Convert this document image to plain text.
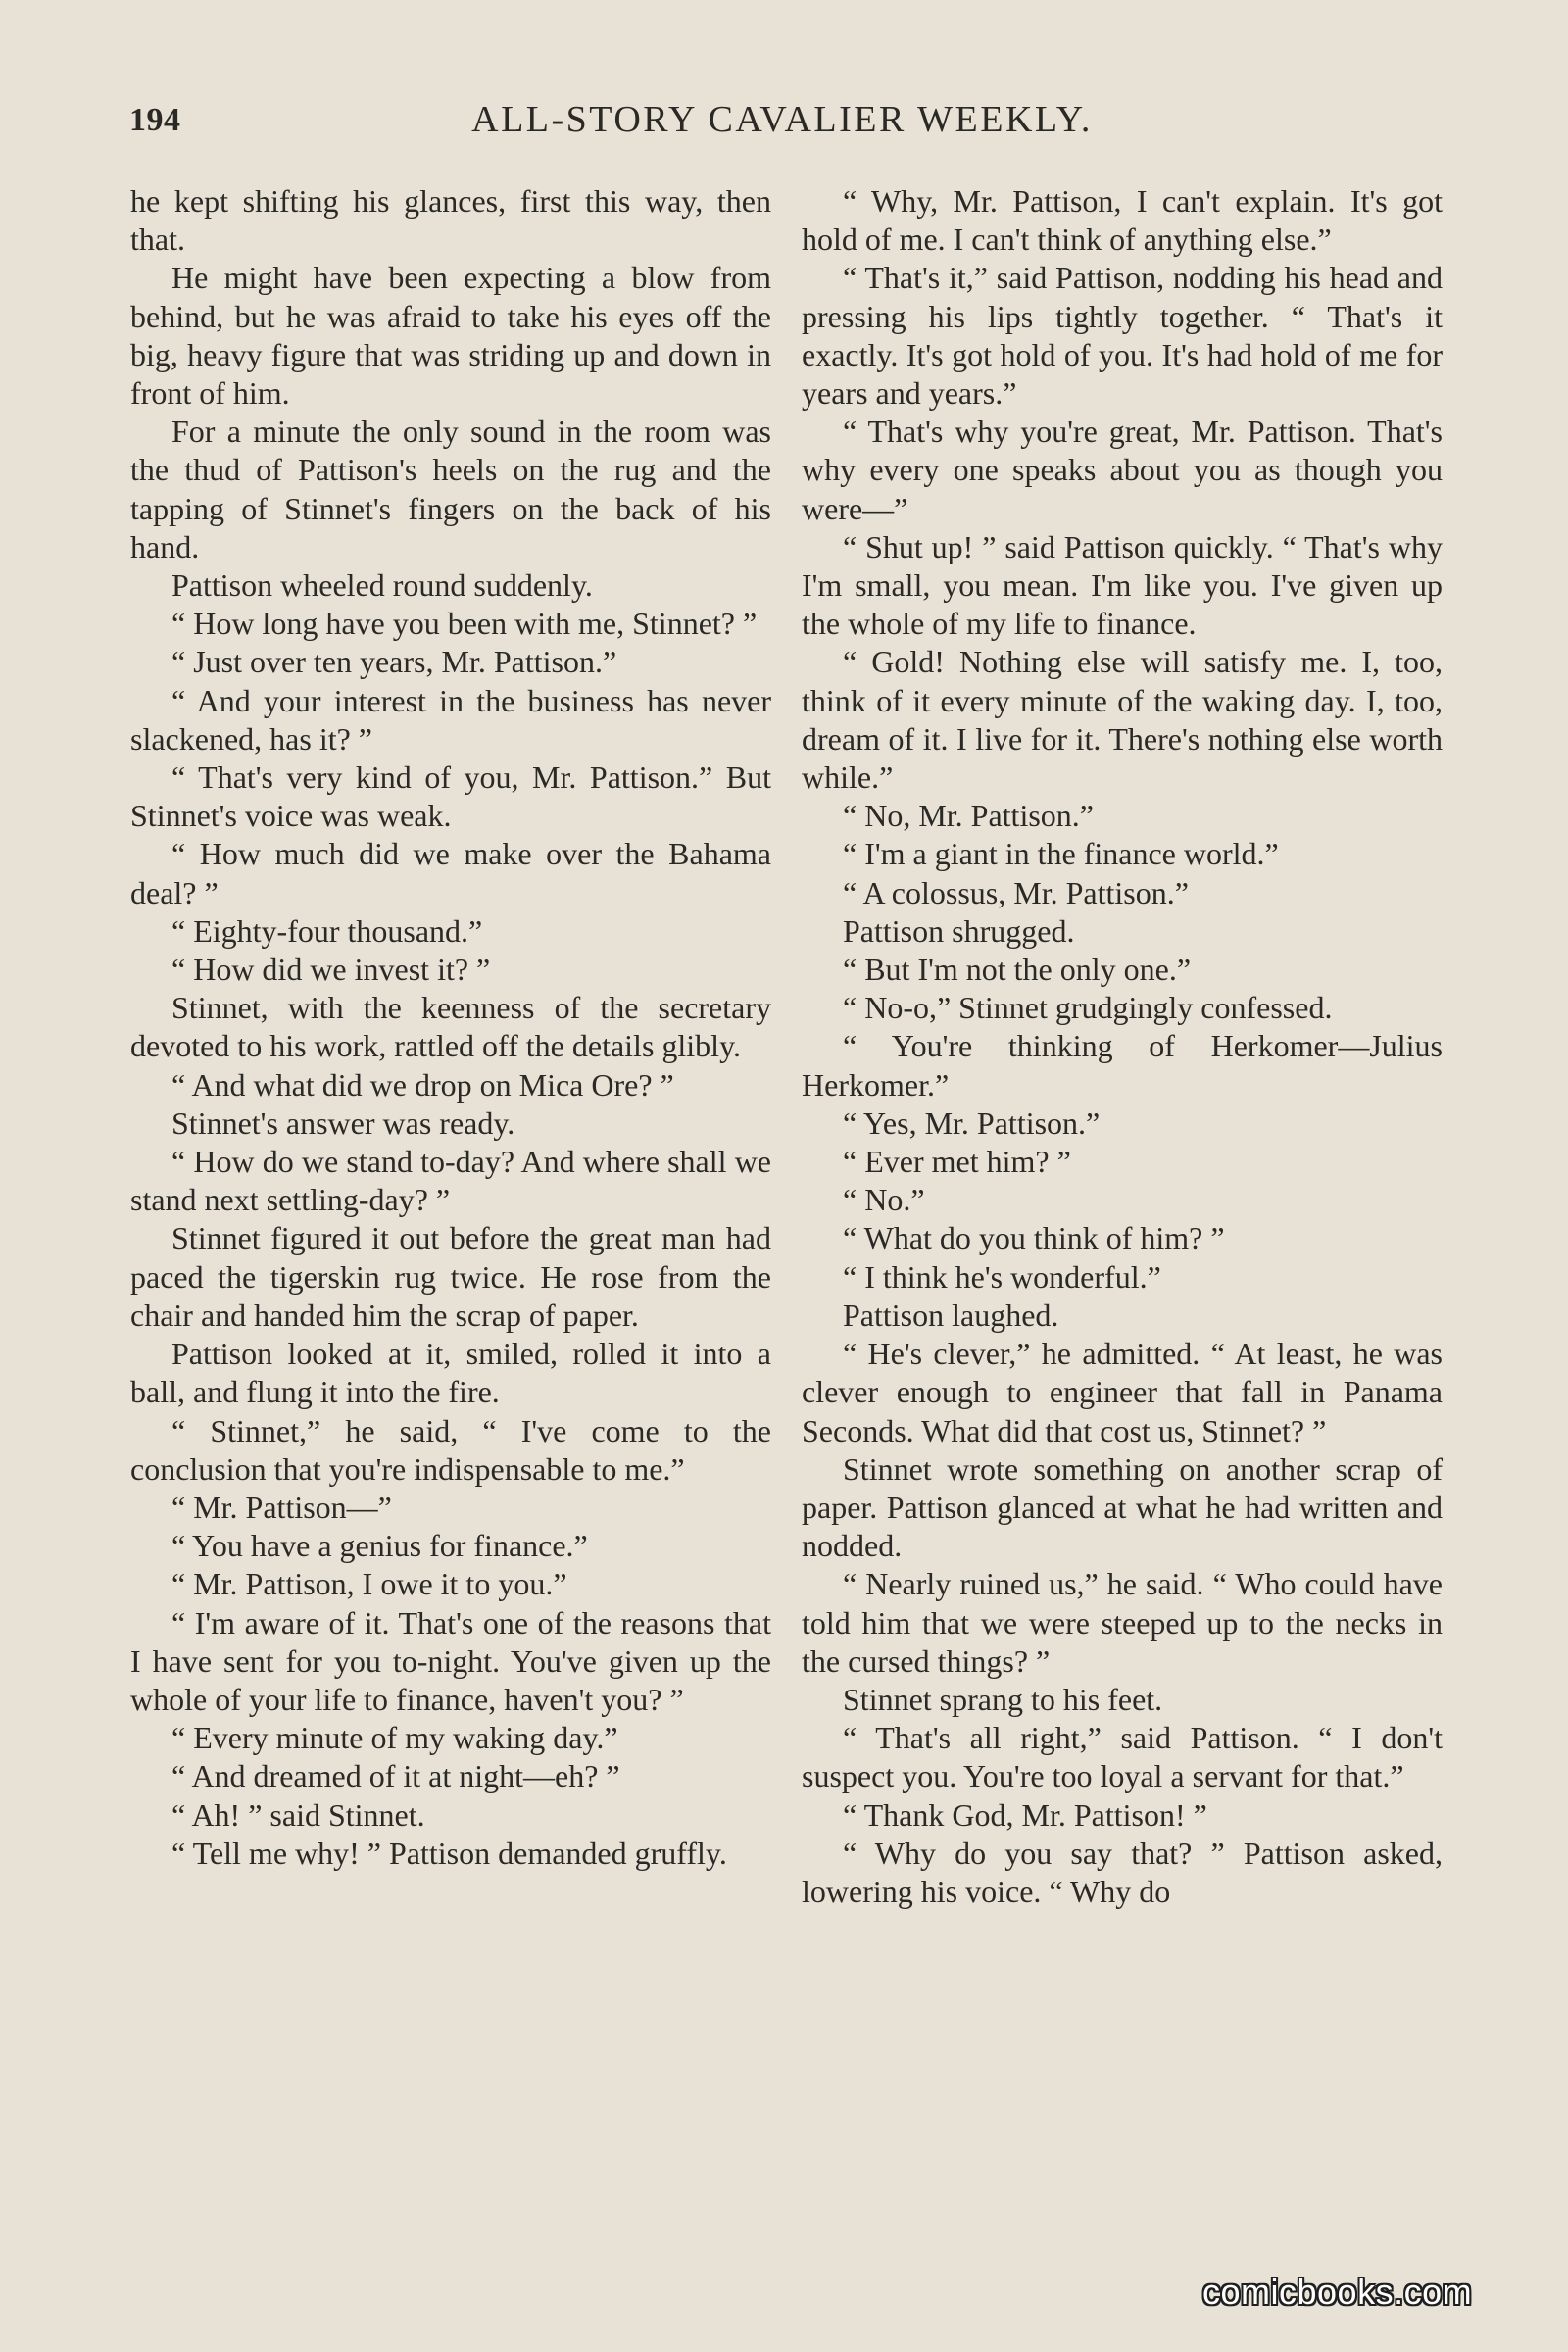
194	ALL-STORY CAVALIER WEEKLY.

he kept shifting his glances, first this way, then that.

He might have been expecting a blow from behind, but he was afraid to take his eyes off the big, heavy figure that was striding up and down in front of him.

For a minute the only sound in the room was the thud of Pattison's heels on the rug and the tapping of Stinnet's fingers on the back of his hand.

Pattison wheeled round suddenly.

“ How long have you been with me, Stinnet? ”

“ Just over ten years, Mr. Pattison.”

“ And your interest in the business has never slackened, has it? ”

“ That's very kind of you, Mr. Pattison.” But Stinnet's voice was weak.

“ How much did we make over the Bahama deal? ”

“ Eighty-four thousand.”

“ How did we invest it? ”

Stinnet, with the keenness of the secretary devoted to his work, rattled off the details glibly.

“ And what did we drop on Mica Ore? ”

Stinnet's answer was ready.

“ How do we stand to-day? And where shall we stand next settling-day? ”

Stinnet figured it out before the great man had paced the tigerskin rug twice. He rose from the chair and handed him the scrap of paper.

Pattison looked at it, smiled, rolled it into a ball, and flung it into the fire.

“ Stinnet,” he said, “ I've come to the conclusion that you're indispensable to me.”

“ Mr. Pattison—”

“ You have a genius for finance.”

“ Mr. Pattison, I owe it to you.”

“ I'm aware of it. That's one of the reasons that I have sent for you to-night. You've given up the whole of your life to finance, haven't you? ”

“ Every minute of my waking day.”

“ And dreamed of it at night—eh? ”

“ Ah! ” said Stinnet.

“ Tell me why! ” Pattison demanded gruffly.

“ Why, Mr. Pattison, I can't explain. It's got hold of me. I can't think of anything else.”

“ That's it,” said Pattison, nodding his head and pressing his lips tightly together. “ That's it exactly. It's got hold of you. It's had hold of me for years and years.”

“ That's why you're great, Mr. Pattison. That's why every one speaks about you as though you were—”

“ Shut up! ” said Pattison quickly. “ That's why I'm small, you mean. I'm like you. I've given up the whole of my life to finance.

“ Gold! Nothing else will satisfy me. I, too, think of it every minute of the waking day. I, too, dream of it. I live for it. There's nothing else worth while.”

“ No, Mr. Pattison.”

“ I'm a giant in the finance world.”

“ A colossus, Mr. Pattison.”

Pattison shrugged.

“ But I'm not the only one.”

“ No-o,” Stinnet grudgingly confessed.

“ You're thinking of Herkomer—Julius Herkomer.”

“ Yes, Mr. Pattison.”

“ Ever met him? ”

“ No.”

“ What do you think of him? ”

“ I think he's wonderful.”

Pattison laughed.

“ He's clever,” he admitted. “ At least, he was clever enough to engineer that fall in Panama Seconds. What did that cost us, Stinnet? ”

Stinnet wrote something on another scrap of paper. Pattison glanced at what he had written and nodded.

“ Nearly ruined us,” he said. “ Who could have told him that we were steeped up to the necks in the cursed things? ”

Stinnet sprang to his feet.

“ That's all right,” said Pattison. “ I don't suspect you. You're too loyal a servant for that.”

“ Thank God, Mr. Pattison! ”

“ Why do you say that? ” Pattison asked, lowering his voice. “ Why do

comicbooks.com
